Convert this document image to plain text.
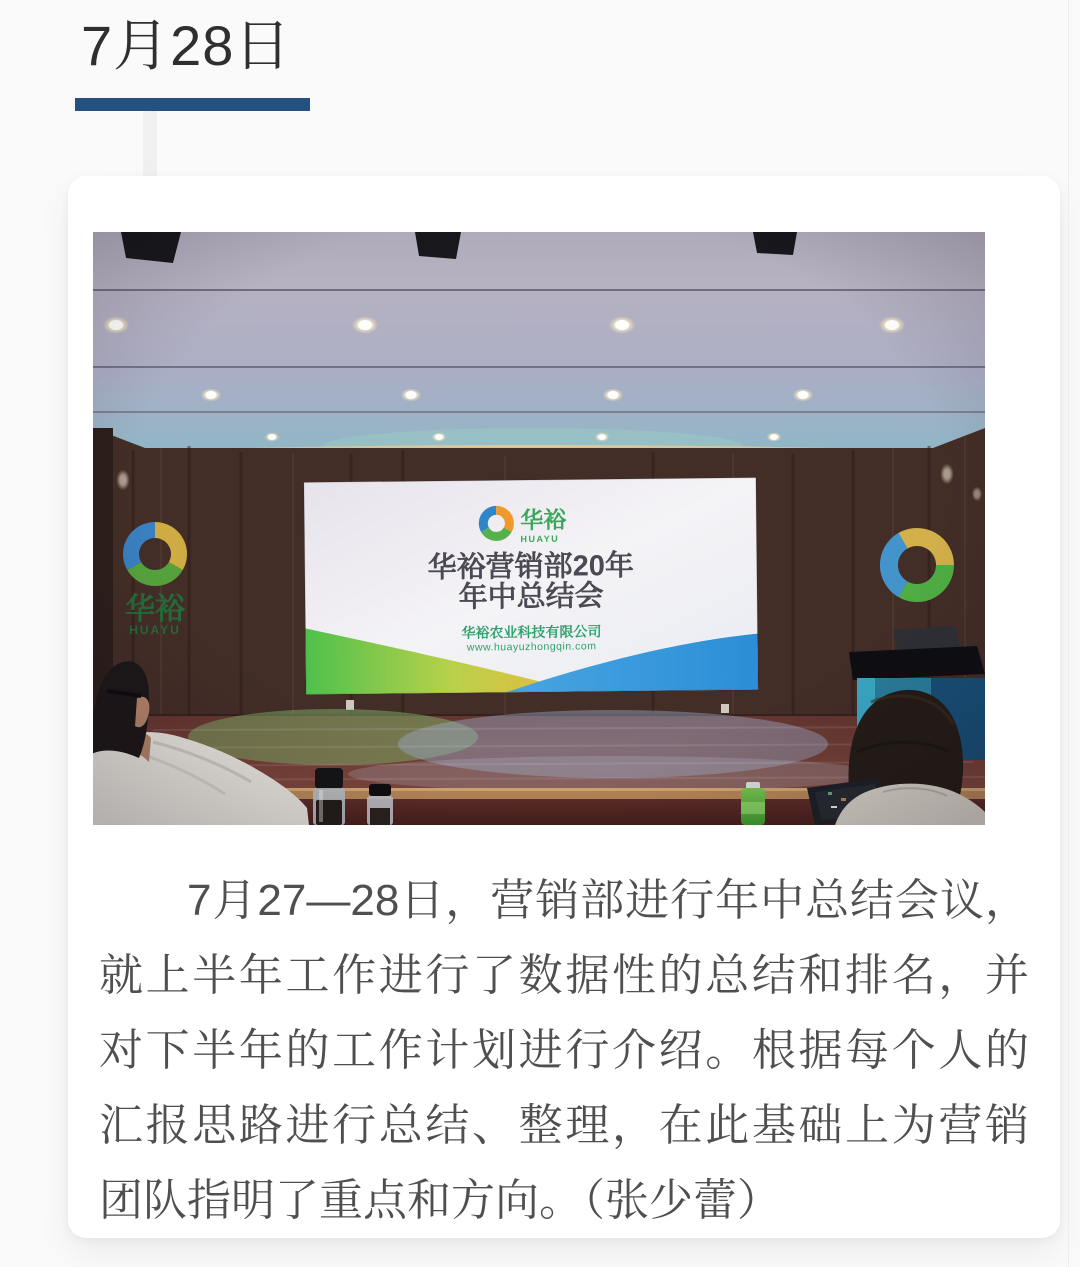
7月28日
7月27—28日，营销部进行年中总结会议，
就上半年工作进行了数据性的总结和排名，并
对下半年的工作计划进行介绍。根据每个人的
汇报思路进行总结、整理，在此基础上为营销
团队指明了重点和方向。（张少蕾）
